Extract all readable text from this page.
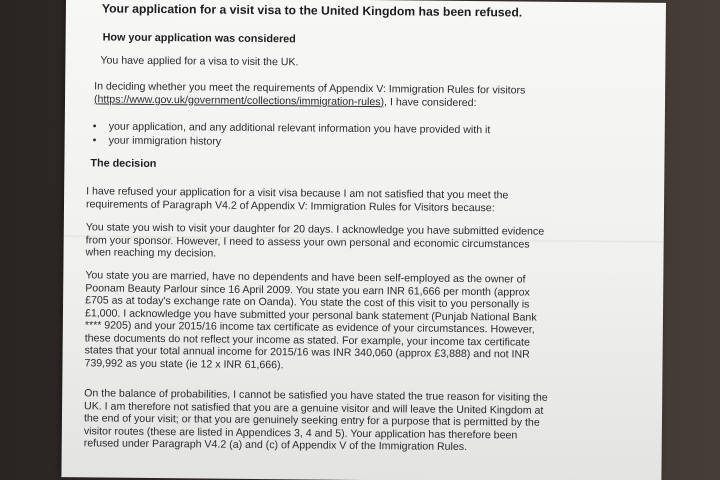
Your application for a visit visa to the United Kingdom has been refused.

How your application was considered

You have applied for a visa to visit the UK.

In deciding whether you meet the requirements of Appendix V: Immigration Rules for visitors
(https://www.gov.uk/government/collections/immigration-rules), I have considered:
• your application, and any additional relevant information you have provided with it
• your immigration history

The decision

I have refused your application for a visit visa because I am not satisfied that you meet the
requirements of Paragraph V4.2 of Appendix V: Immigration Rules for Visitors because:
You state you wish to visit your daughter for 20 days. I acknowledge you have submitted evidence
from your sponsor. However, I need to assess your own personal and economic circumstances
when reaching my decision.
You state you are married, have no dependents and have been self-employed as the owner of
Poonam Beauty Parlour since 16 April 2009. You state you earn INR 61,666 per month (approx
£705 as at today's exchange rate on Oanda). You state the cost of this visit to you personally is
£1,000. I acknowledge you have submitted your personal bank statement (Punjab National Bank
**** 9205) and your 2015/16 income tax certificate as evidence of your circumstances. However,
these documents do not reflect your income as stated. For example, your income tax certificate
states that your total annual income for 2015/16 was INR 340,060 (approx £3,888) and not INR
739,992 as you state (ie 12 x INR 61,666).
On the balance of probabilities, I cannot be satisfied you have stated the true reason for visiting the
UK. I am therefore not satisfied that you are a genuine visitor and will leave the United Kingdom at
the end of your visit; or that you are genuinely seeking entry for a purpose that is permitted by the
visitor routes (these are listed in Appendices 3, 4 and 5). Your application has therefore been
refused under Paragraph V4.2 (a) and (c) of Appendix V of the Immigration Rules.
